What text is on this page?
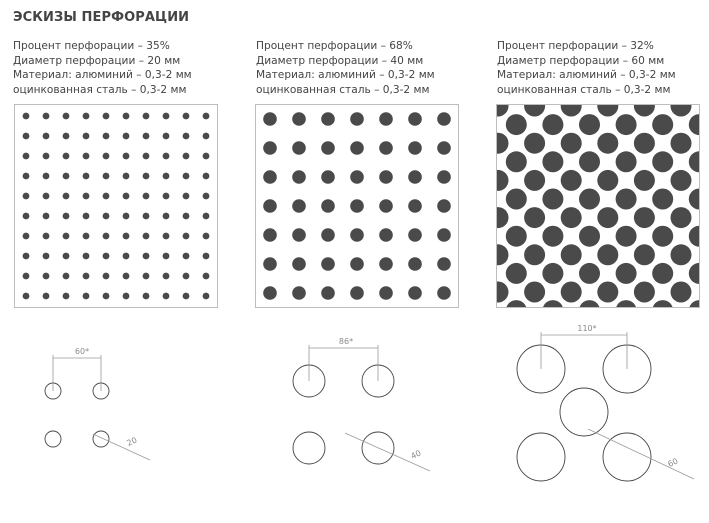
ЭСКИЗЫ ПЕРФОРАЦИИ
Процент перфорации – 35%
Диаметр перфорации – 20 мм
Материал: алюминий – 0,3-2 мм
оцинкованная сталь – 0,3-2 мм
Процент перфорации – 68%
Диаметр перфорации – 40 мм
Материал: алюминий – 0,3-2 мм
оцинкованная сталь – 0,3-2 мм
Процент перфорации – 32%
Диаметр перфорации – 60 мм
Материал: алюминий – 0,3-2 мм
оцинкованная сталь – 0,3-2 мм
60*
20
86*
40
110*
60
